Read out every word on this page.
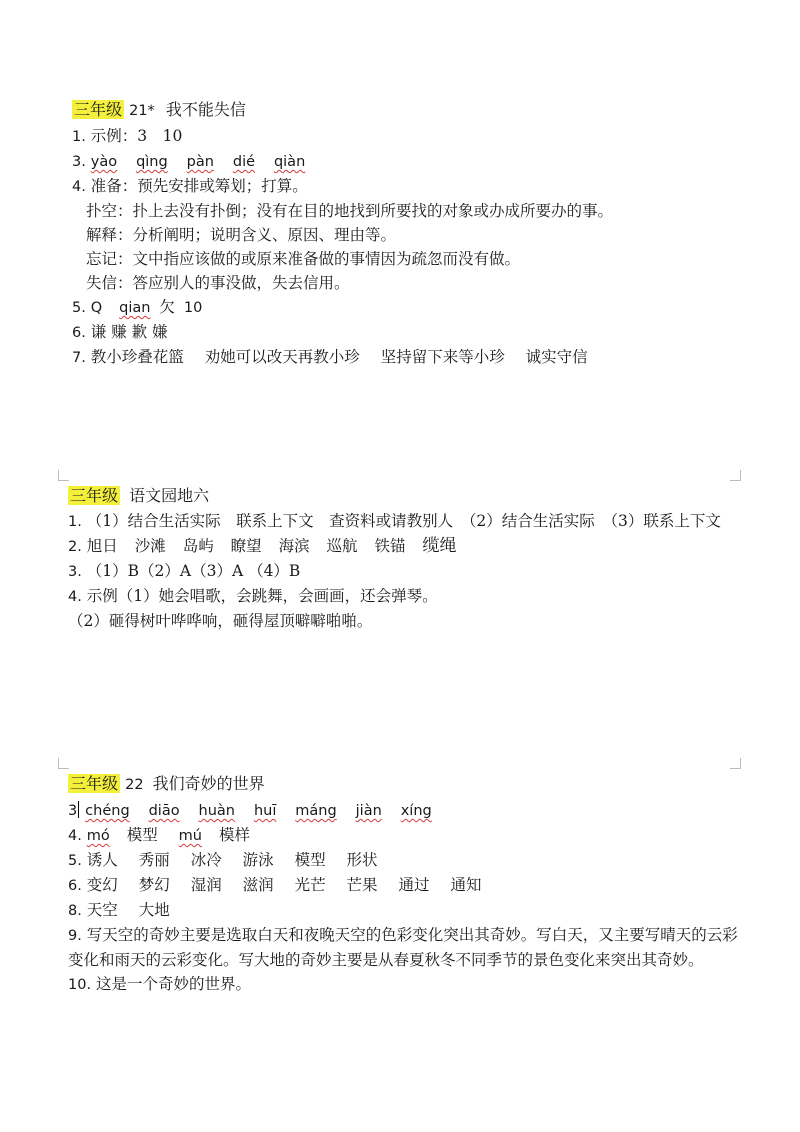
三年级 21* 我不能失信
1. 示例：3　10
3. yào qìng pàn dié qiàn
4. 准备：预先安排或筹划；打算。
扑空：扑上去没有扑倒；没有在目的地找到所要找的对象或办成所要办的事。
解释：分析阐明；说明含义、原因、理由等。
忘记：文中指应该做的或原来准备做的事情因为疏忽而没有做。
失信：答应别人的事没做，失去信用。
5. Q qian 欠 10
6. 谦 赚 歉 嫌
7. 教小珍叠花篮 劝她可以改天再教小珍 坚持留下来等小珍 诚实守信
三年级 语文园地六
1. （1）结合生活实际　联系上下文　查资料或请教别人　（2）结合生活实际　（3）联系上下文
2. 旭日 沙滩 岛屿 瞭望 海滨 巡航 铁锚 缆绳
3. （1）B（2）A（3）A （4）B
4. 示例（1）她会唱歌，会跳舞，会画画，还会弹琴。
（2）砸得树叶哗哗响，砸得屋顶噼噼啪啪。
三年级 22 我们奇妙的世界
3 chéng diāo huàn huī máng jiàn xíng
4. mó 模型 mú 模样
5. 诱人 秀丽 冰冷 游泳 模型 形状
6. 变幻 梦幻 湿润 滋润 光芒 芒果 通过 通知
8. 天空 大地
9. 写天空的奇妙主要是选取白天和夜晚天空的色彩变化突出其奇妙。写白天，又主要写晴天的云彩变化和雨天的云彩变化。写大地的奇妙主要是从春夏秋冬不同季节的景色变化来突出其奇妙。
10. 这是一个奇妙的世界。
